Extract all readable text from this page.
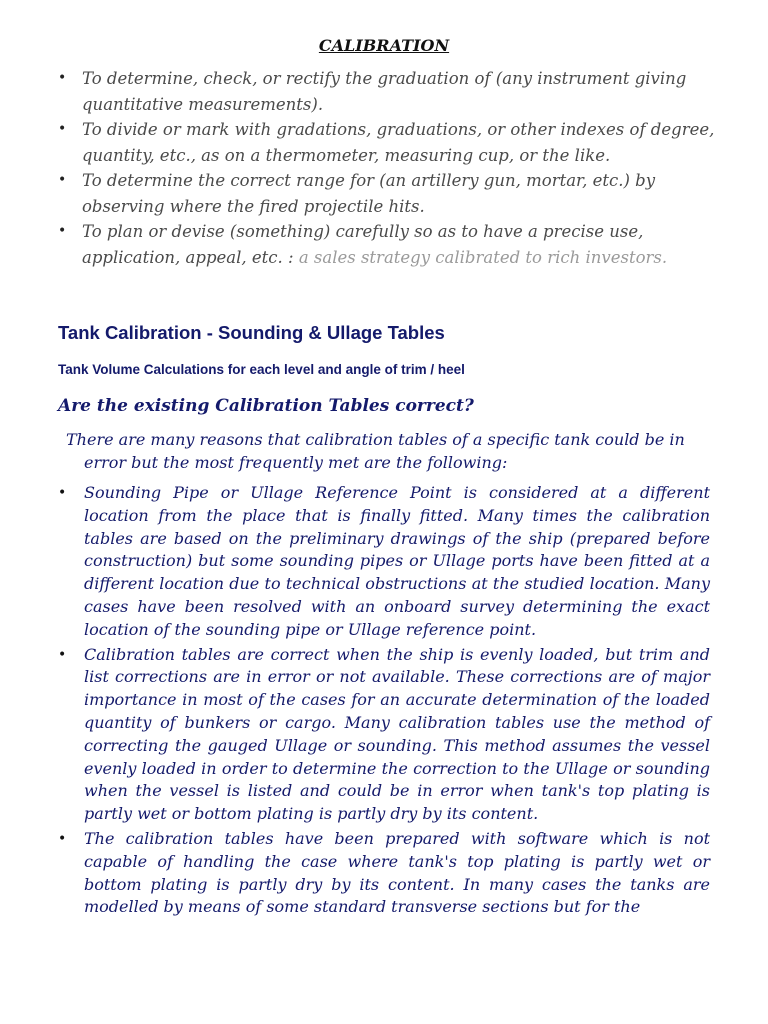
CALIBRATION
• To determine, check, or rectify the graduation of (any instrument giving quantitative measurements).
• To divide or mark with gradations, graduations, or other indexes of degree, quantity, etc., as on a thermometer, measuring cup, or the like.
• To determine the correct range for (an artillery gun, mortar, etc.) by observing where the fired projectile hits.
• To plan or devise (something) carefully so as to have a precise use, application, appeal, etc. : a sales strategy calibrated to rich investors.
Tank Calibration - Sounding & Ullage Tables
Tank Volume Calculations for each level and angle of trim / heel
Are the existing Calibration Tables correct?

There are many reasons that calibration tables of a specific tank could be in error but the most frequently met are the following:

• Sounding Pipe or Ullage Reference Point is considered at a different location from the place that is finally fitted. Many times the calibration tables are based on the preliminary drawings of the ship (prepared before construction) but some sounding pipes or Ullage ports have been fitted at a different location due to technical obstructions at the studied location. Many cases have been resolved with an onboard survey determining the exact location of the sounding pipe or Ullage reference point.
• Calibration tables are correct when the ship is evenly loaded, but trim and list corrections are in error or not available. These corrections are of major importance in most of the cases for an accurate determination of the loaded quantity of bunkers or cargo. Many calibration tables use the method of correcting the gauged Ullage or sounding. This method assumes the vessel evenly loaded in order to determine the correction to the Ullage or sounding when the vessel is listed and could be in error when tank's top plating is partly wet or bottom plating is partly dry by its content.
• The calibration tables have been prepared with software which is not capable of handling the case where tank's top plating is partly wet or bottom plating is partly dry by its content. In many cases the tanks are modelled by means of some standard transverse sections but for the
